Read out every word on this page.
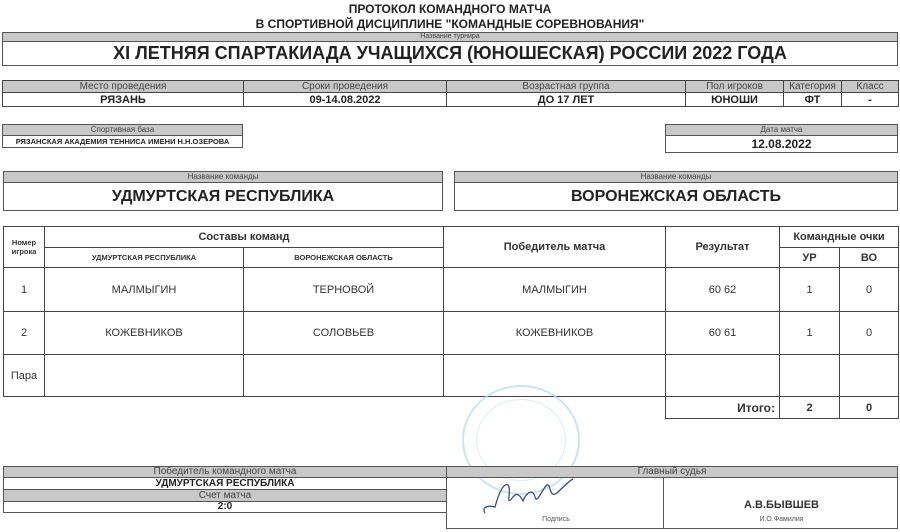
ПРОТОКОЛ КОМАНДНОГО МАТЧА
В СПОРТИВНОЙ ДИСЦИПЛИНЕ "КОМАНДНЫЕ СОРЕВНОВАНИЯ"
Название турнира
XI ЛЕТНЯЯ СПАРТАКИАДА УЧАЩИХСЯ (ЮНОШЕСКАЯ) РОССИИ 2022 ГОДА
Место проведения	Сроки проведения	Возрастная группа	Пол игроков	Категория	Класс
РЯЗАНЬ	09-14.08.2022	ДО 17 ЛЕТ	ЮНОШИ	ФТ	-
Спортивная база
РЯЗАНСКАЯ АКАДЕМИЯ ТЕННИСА ИМЕНИ Н.Н.ОЗЕРОВА
Дата матча
12.08.2022
Название команды
УДМУРТСКАЯ РЕСПУБЛИКА
Название команды
ВОРОНЕЖСКАЯ ОБЛАСТЬ
Номер игрока	Составы команд		Победитель матча	Результат	Командные очки	
	УДМУРТСКАЯ РЕСПУБЛИКА	ВОРОНЕЖСКАЯ ОБЛАСТЬ			УР	ВО
1	МАЛМЫГИН	ТЕРНОВОЙ	МАЛМЫГИН	60 62	1	0
2	КОЖЕВНИКОВ	СОЛОВЬЕВ	КОЖЕВНИКОВ	60 61	1	0
Пара						
				Итого:	2	0
Победитель командного матча
УДМУРТСКАЯ РЕСПУБЛИКА
Счет матча
2:0
Главный судья
Подпись
А.В.БЫВШЕВ
И.О.Фамилия
